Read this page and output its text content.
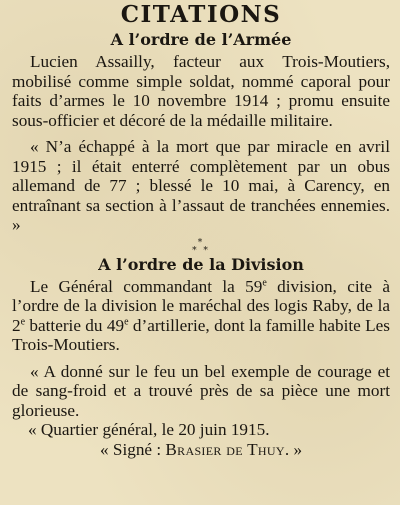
CITATIONS
A l’ordre de l’Armée

Lucien Assailly, facteur aux Trois-Moutiers, mobilisé comme simple soldat, nommé caporal pour faits d’armes le 10 novembre 1914 ; promu ensuite sous-officier et décoré de la médaille militaire.

« N’a échappé à la mort que par miracle en avril 1915 ; il était enterré complètement par un obus allemand de 77 ; blessé le 10 mai, à Carency, en entraînant sa section à l’assaut de tranchées ennemies. »

*
* *
A l’ordre de la Division

Le Général commandant la 59e division, cite à l’ordre de la division le maréchal des logis Raby, de la 2e batterie du 49e d’artillerie, dont la famille habite Les Trois-Moutiers.

« A donné sur le feu un bel exemple de courage et de sang-froid et a trouvé près de sa pièce une mort glorieuse.

« Quartier général, le 20 juin 1915.
« Signé : Brasier de Thuy. »
